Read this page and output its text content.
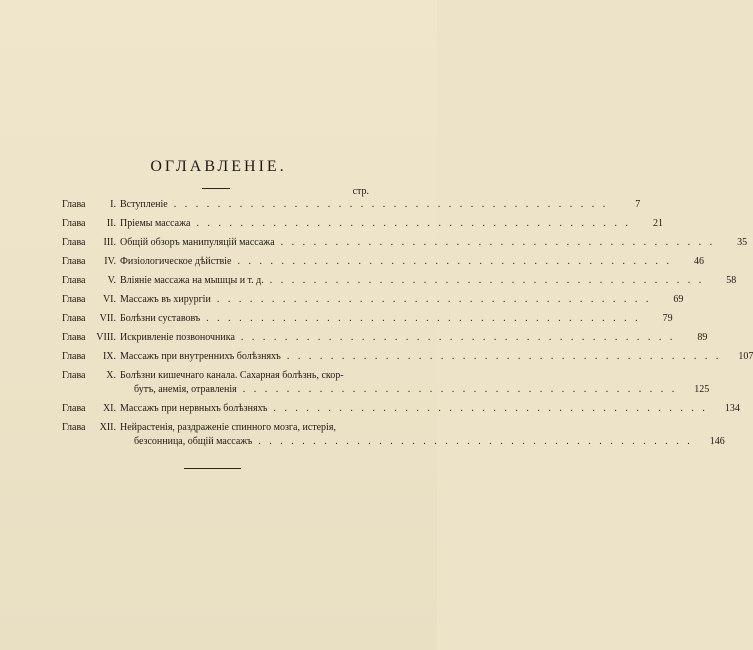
ОГЛАВЛЕНІЕ.
стр.
Глава	I. Вступленіе . . . . . . . . . . . . . . . . . . . . . . . . . . . . . . . . . . . . . . . .	7
Глава	II. Пріемы массажа . . . . . . . . . . . . . . . . . . . . . . . . . . . . . . . . . . . . . . . .	21
Глава	III. Общій обзоръ манипуляцій массажа . . . . . . . . . . . . . . . . . . . . . . . . . . . . . . . . . . . . . . . .	35
Глава	IV. Физіологическое дѣйствіе . . . . . . . . . . . . . . . . . . . . . . . . . . . . . . . . . . . . . . . .	46
Глава	V. Вліяніе массажа на мышцы и т. д. . . . . . . . . . . . . . . . . . . . . . . . . . . . . . . . . . . . . . . . .	58
Глава	VI. Массажъ въ хирургіи . . . . . . . . . . . . . . . . . . . . . . . . . . . . . . . . . . . . . . . .	69
Глава	VII. Болѣзни суставовъ . . . . . . . . . . . . . . . . . . . . . . . . . . . . . . . . . . . . . . . .	79
Глава	VIII. Искривленіе позвоночника . . . . . . . . . . . . . . . . . . . . . . . . . . . . . . . . . . . . . . . .	89
Глава	IX. Массажъ при внутреннихъ болѣзняхъ . . . . . . . . . . . . . . . . . . . . . . . . . . . . . . . . . . . . . . . .	107
Глава	X. Болѣзни кишечнаго канала. Сахарная болѣзнь, скор-
бутъ, анемія, отравленія . . . . . . . . . . . . . . . . . . . . . . . . . . . . . . . . . . . . . . . .	125
Глава	XI. Массажъ при нервныхъ болѣзняхъ . . . . . . . . . . . . . . . . . . . . . . . . . . . . . . . . . . . . . . . .	134
Глава	XII. Нейрастенія, раздраженіе спинного мозга, истерія,
безсонница, общій массажъ . . . . . . . . . . . . . . . . . . . . . . . . . . . . . . . . . . . . . . . .	146
